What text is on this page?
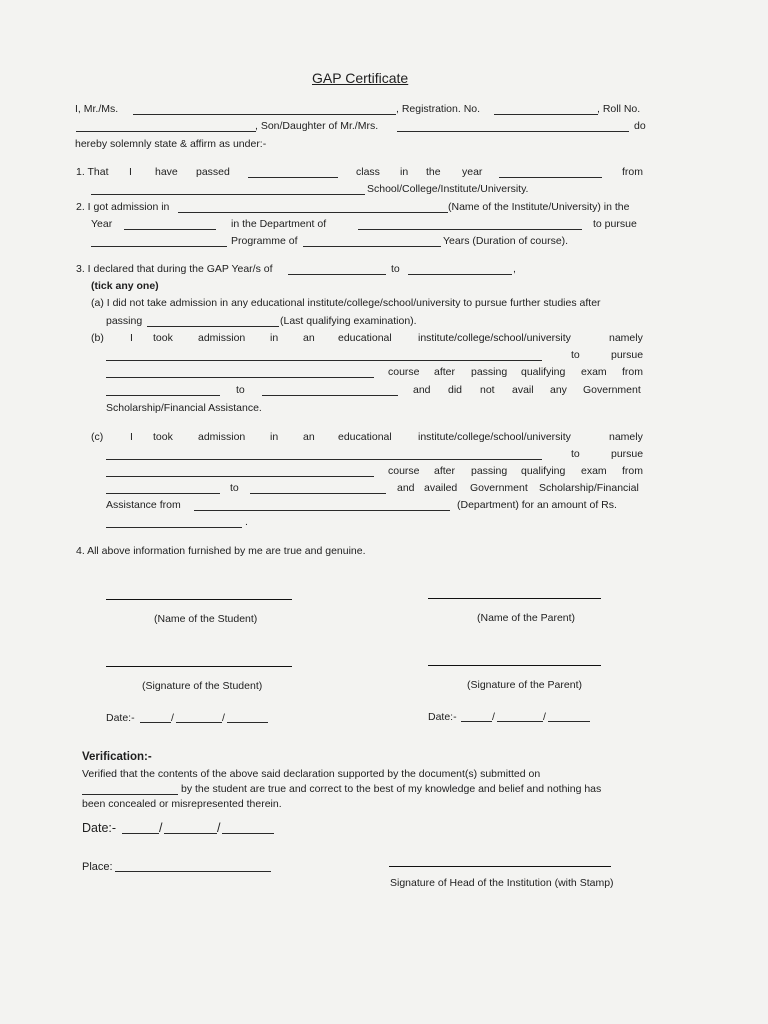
GAP Certificate
I, Mr./Ms.	, Registration. No.	, Roll No.
, Son/Daughter of Mr./Mrs.	do
hereby solemnly state & affirm as under:-
1. That I have passed	class in the year	from
School/College/Institute/University.
2. I got admission in	(Name of the Institute/University) in the
Year	in the Department of	to pursue
Programme of	Years (Duration of course).
3. I declared that during the GAP Year/s of	to	,
(tick any one)
(a) I did not take admission in any educational institute/college/school/university to pursue further studies after
passing	(Last qualifying examination).
(b) I took admission in an educational	institute/college/school/university	namely
to	pursue
course after passing qualifying exam from
to	and did not avail any Government
Scholarship/Financial Assistance.
(c)	I took admission in an educational	institute/college/school/university	namely
to	pursue
course after passing qualifying exam from
to	and availed Government Scholarship/Financial
Assistance from	(Department) for an amount of Rs.
.
4. All above information furnished by me are true and genuine.
(Name of the Student)	(Name of the Parent)
(Signature of the Student)	(Signature of the Parent)
Date:-	/	/	Date:-	/	/
Verification:-
Verified that the contents of the above said declaration supported by the document(s) submitted on
by the student are true and correct to the best of my knowledge and belief and nothing has
been concealed or misrepresented therein.
Date:-	/	/
Place:
Signature of Head of the Institution (with Stamp)
